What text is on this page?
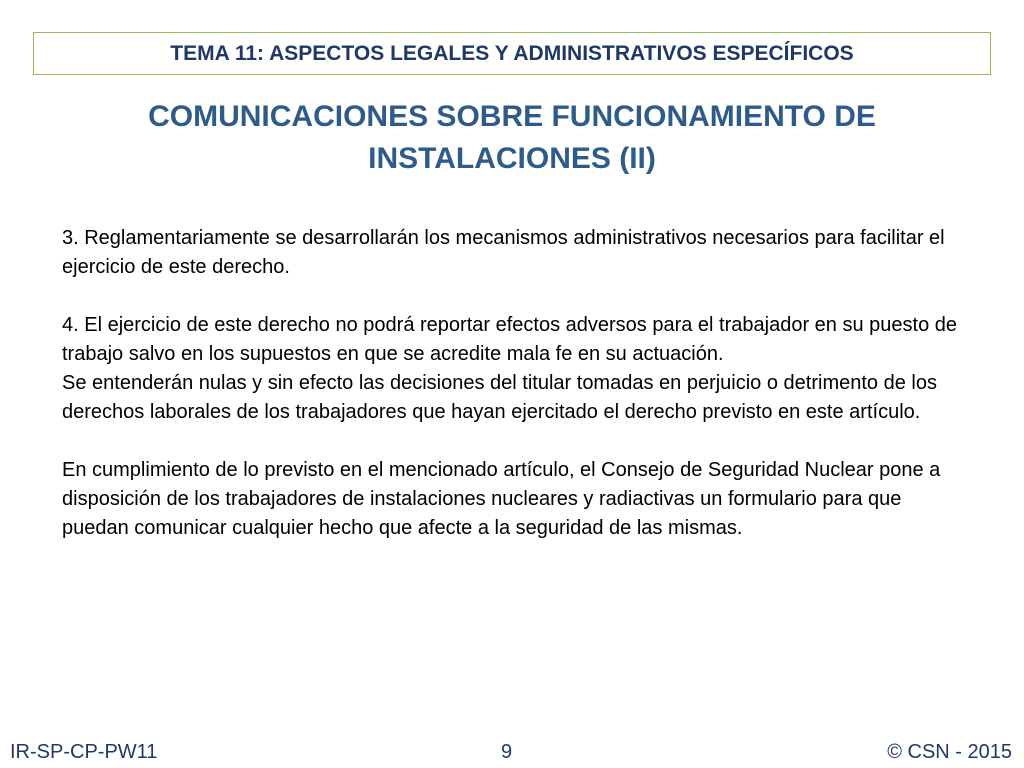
TEMA 11: ASPECTOS LEGALES Y ADMINISTRATIVOS ESPECÍFICOS
COMUNICACIONES SOBRE FUNCIONAMIENTO DE
INSTALACIONES (II)

3. Reglamentariamente se desarrollarán los mecanismos administrativos necesarios para facilitar el ejercicio de este derecho.

4. El ejercicio de este derecho no podrá reportar efectos adversos para el trabajador en su puesto de trabajo salvo en los supuestos en que se acredite mala fe en su actuación.

Se entenderán nulas y sin efecto las decisiones del titular tomadas en perjuicio o detrimento de los derechos laborales de los trabajadores que hayan ejercitado el derecho previsto en este artículo.

En cumplimiento de lo previsto en el mencionado artículo, el Consejo de Seguridad Nuclear pone a disposición de los trabajadores de instalaciones nucleares y radiactivas un formulario para que puedan comunicar cualquier hecho que afecte a la seguridad de las mismas.

IR-SP-CP-PW11	9	© CSN - 2015
